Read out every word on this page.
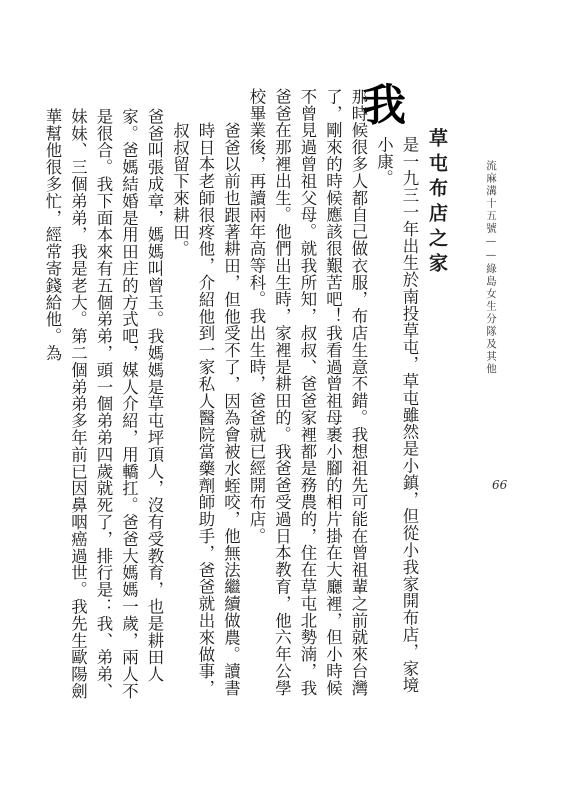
流麻溝十五號——綠島女生分隊及其他
66
草屯布店之家
我

是一九三一年出生於南投草屯，草屯雖然是小鎮，但從小我家開布店，家境小康。

那時候很多人都自己做衣服，布店生意不錯。我想祖先可能在曾祖輩之前就來台灣了，剛來的時候應該很艱苦吧！我看過曾祖母裹小腳的相片掛在大廳裡，但小時候不曾見過曾祖父母。就我所知，叔叔、爸爸家裡都是務農的，住在草屯北勢湳，我爸爸在那裡出生。他們出生時，家裡是耕田的。我爸爸受過日本教育，他六年公學校畢業後，再讀兩年高等科。我出生時，爸爸就已經開布店。

爸爸以前也跟著耕田，但他受不了，因為會被水蛭咬，他無法繼續做農。讀書時日本老師很疼他，介紹他到一家私人醫院當藥劑師助手，爸爸就出來做事，叔叔留下來耕田。

爸爸叫張成章，媽媽叫曾玉。我媽媽是草屯坪頂人，沒有受教育，也是耕田人家。爸媽結婚是用田庄的方式吧，媒人介紹，用轎扛。爸爸大媽媽一歲，兩人不是很合。我下面本來有五個弟弟，頭一個弟弟四歲就死了，排行是：我、弟弟、妹妹、三個弟弟，我是老大。第二個弟弟多年前已因鼻咽癌過世。我先生歐陽劍華幫他很多忙，經常寄錢給他。為
